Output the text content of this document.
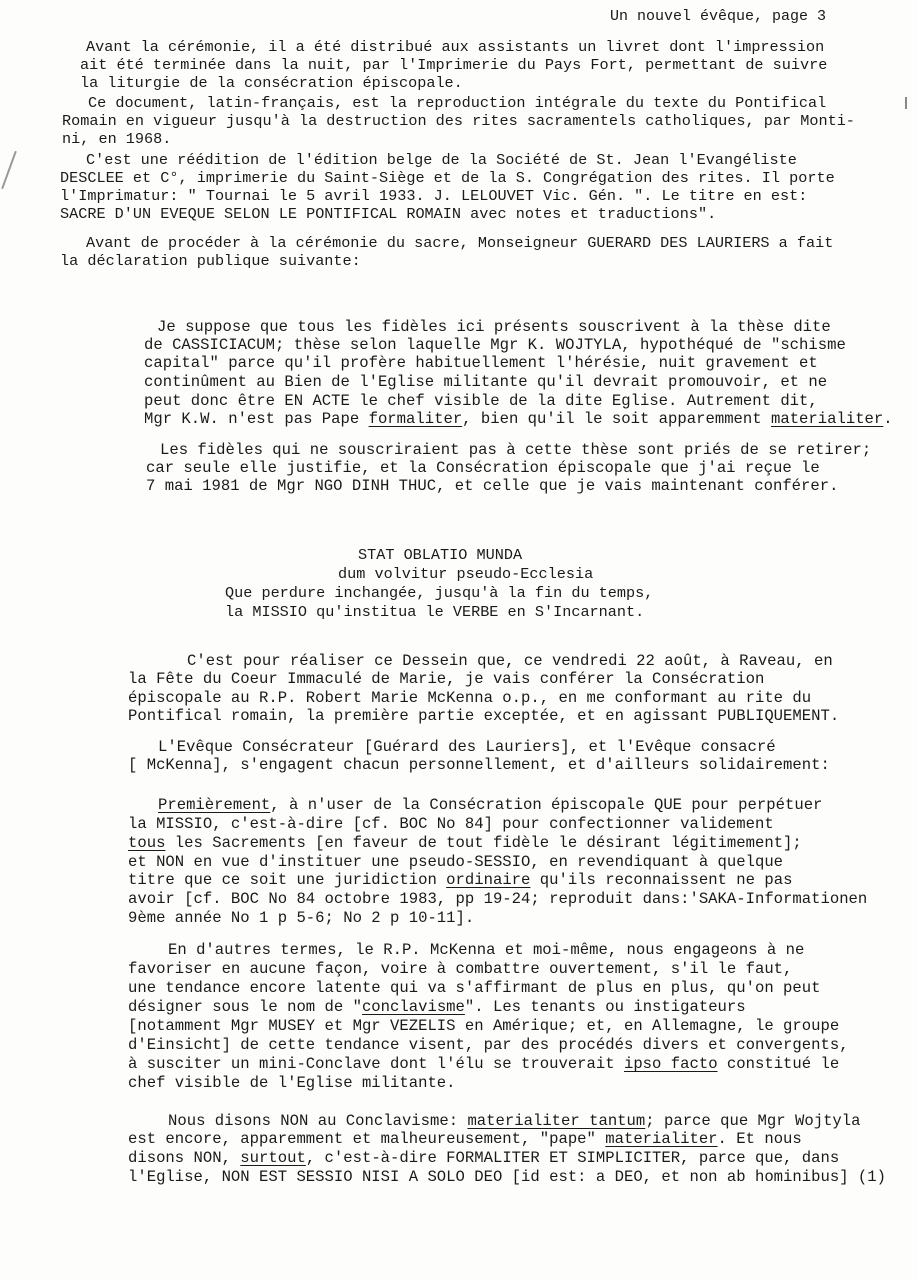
Un nouvel évêque, page 3
Avant la cérémonie, il a été distribué aux assistants un livret dont l'impression
ait été terminée dans la nuit, par l'Imprimerie du Pays Fort, permettant de suivre
la liturgie de la consécration épiscopale.
Ce document, latin-français, est la reproduction intégrale du texte du Pontifical
Romain en vigueur jusqu'à la destruction des rites sacramentels catholiques, par Monti-
ni, en 1968.
C'est une réédition de l'édition belge de la Société de St. Jean l'Evangéliste
DESCLEE et C°, imprimerie du Saint-Siège et de la S. Congrégation des rites. Il porte
l'Imprimatur: " Tournai le 5 avril 1933. J. LELOUVET Vic. Gén. ". Le titre en est:
SACRE D'UN EVEQUE SELON LE PONTIFICAL ROMAIN avec notes et traductions".
Avant de procéder à la cérémonie du sacre, Monseigneur GUERARD DES LAURIERS a fait
la déclaration publique suivante:
Je suppose que tous les fidèles ici présents souscrivent à la thèse dite
de CASSICIACUM; thèse selon laquelle Mgr K. WOJTYLA, hypothéqué de "schisme
capital" parce qu'il profère habituellement l'hérésie, nuit gravement et
continûment au Bien de l'Eglise militante qu'il devrait promouvoir, et ne
peut donc être EN ACTE le chef visible de la dite Eglise. Autrement dit,
Mgr K.W. n'est pas Pape formaliter, bien qu'il le soit apparemment materialiter.
Les fidèles qui ne souscriraient pas à cette thèse sont priés de se retirer;
car seule elle justifie, et la Consécration épiscopale que j'ai reçue le
7 mai 1981 de Mgr NGO DINH THUC, et celle que je vais maintenant conférer.
STAT OBLATIO MUNDA
dum volvitur pseudo-Ecclesia
Que perdure inchangée, jusqu'à la fin du temps,
la MISSIO qu'institua le VERBE en S'Incarnant.
C'est pour réaliser ce Dessein que, ce vendredi 22 août, à Raveau, en
la Fête du Coeur Immaculé de Marie, je vais conférer la Consécration
épiscopale au R.P. Robert Marie McKenna o.p., en me conformant au rite du
Pontifical romain, la première partie exceptée, et en agissant PUBLIQUEMENT.
L'Evêque Consécrateur [Guérard des Lauriers], et l'Evêque consacré
[ McKenna], s'engagent chacun personnellement, et d'ailleurs solidairement:
Premièrement, à n'user de la Consécration épiscopale QUE pour perpétuer
la MISSIO, c'est-à-dire [cf. BOC No 84] pour confectionner validement
tous les Sacrements [en faveur de tout fidèle le désirant légitimement];
et NON en vue d'instituer une pseudo-SESSIO, en revendiquant à quelque
titre que ce soit une juridiction ordinaire qu'ils reconnaissent ne pas
avoir [cf. BOC No 84 octobre 1983, pp 19-24; reproduit dans:'SAKA-Informationen
9ème année No 1 p 5-6; No 2 p 10-11].
En d'autres termes, le R.P. McKenna et moi-même, nous engageons à ne
favoriser en aucune façon, voire à combattre ouvertement, s'il le faut,
une tendance encore latente qui va s'affirmant de plus en plus, qu'on peut
désigner sous le nom de "conclavisme". Les tenants ou instigateurs
[notamment Mgr MUSEY et Mgr VEZELIS en Amérique; et, en Allemagne, le groupe
d'Einsicht] de cette tendance visent, par des procédés divers et convergents,
à susciter un mini-Conclave dont l'élu se trouverait ipso facto constitué le
chef visible de l'Eglise militante.
Nous disons NON au Conclavisme: materialiter tantum; parce que Mgr Wojtyla
est encore, apparemment et malheureusement, "pape" materialiter. Et nous
disons NON, surtout, c'est-à-dire FORMALITER ET SIMPLICITER, parce que, dans
l'Eglise, NON EST SESSIO NISI A SOLO DEO [id est: a DEO, et non ab hominibus] (1)
